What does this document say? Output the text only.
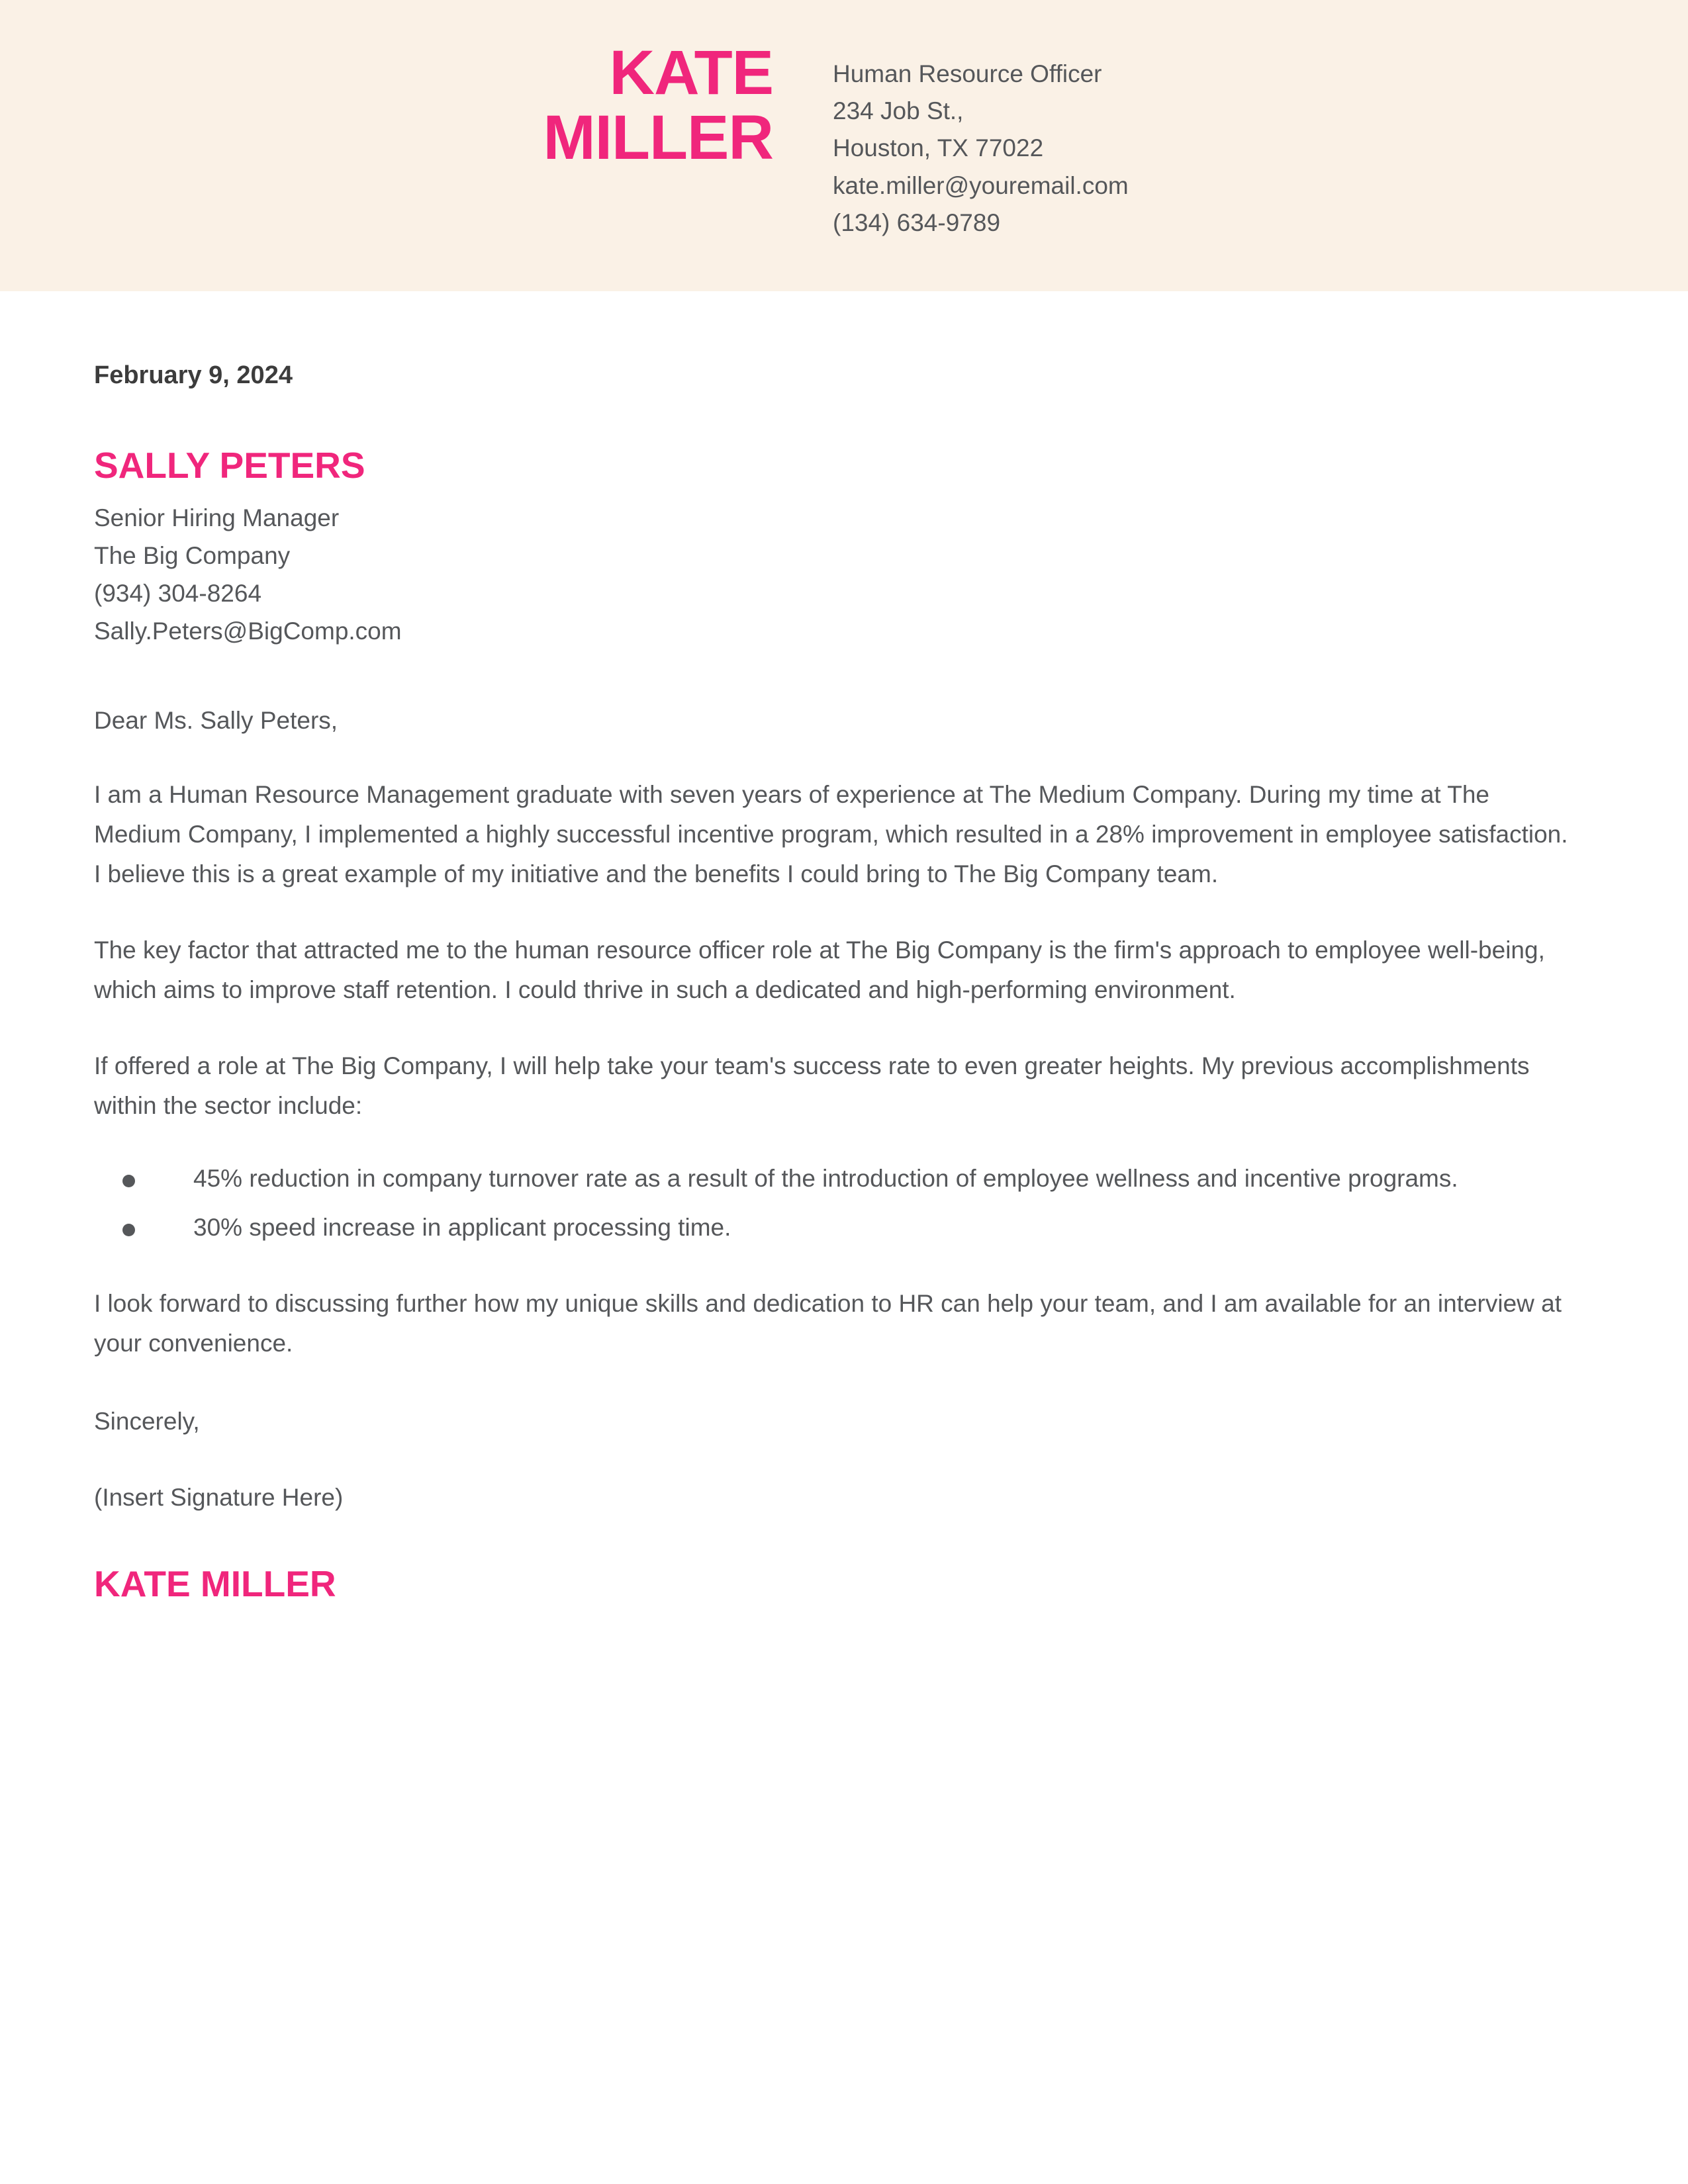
KATE
MILLER
Human Resource Officer
234 Job St.,
Houston, TX 77022
kate.miller@youremail.com
(134) 634-9789
February 9, 2024
SALLY PETERS
Senior Hiring Manager
The Big Company
(934) 304-8264
Sally.Peters@BigComp.com
Dear Ms. Sally Peters,

I am a Human Resource Management graduate with seven years of experience at The Medium Company. During my time at The Medium Company, I implemented a highly successful incentive program, which resulted in a 28% improvement in employee satisfaction. I believe this is a great example of my initiative and the benefits I could bring to The Big Company team.

The key factor that attracted me to the human resource officer role at The Big Company is the firm's approach to employee well-being, which aims to improve staff retention. I could thrive in such a dedicated and high-performing environment.

If offered a role at The Big Company, I will help take your team's success rate to even greater heights. My previous accomplishments within the sector include:

45% reduction in company turnover rate as a result of the introduction of employee wellness and incentive programs.
30% speed increase in applicant processing time.

I look forward to discussing further how my unique skills and dedication to HR can help your team, and I am available for an interview at your convenience.

Sincerely,
(Insert Signature Here)
KATE MILLER
